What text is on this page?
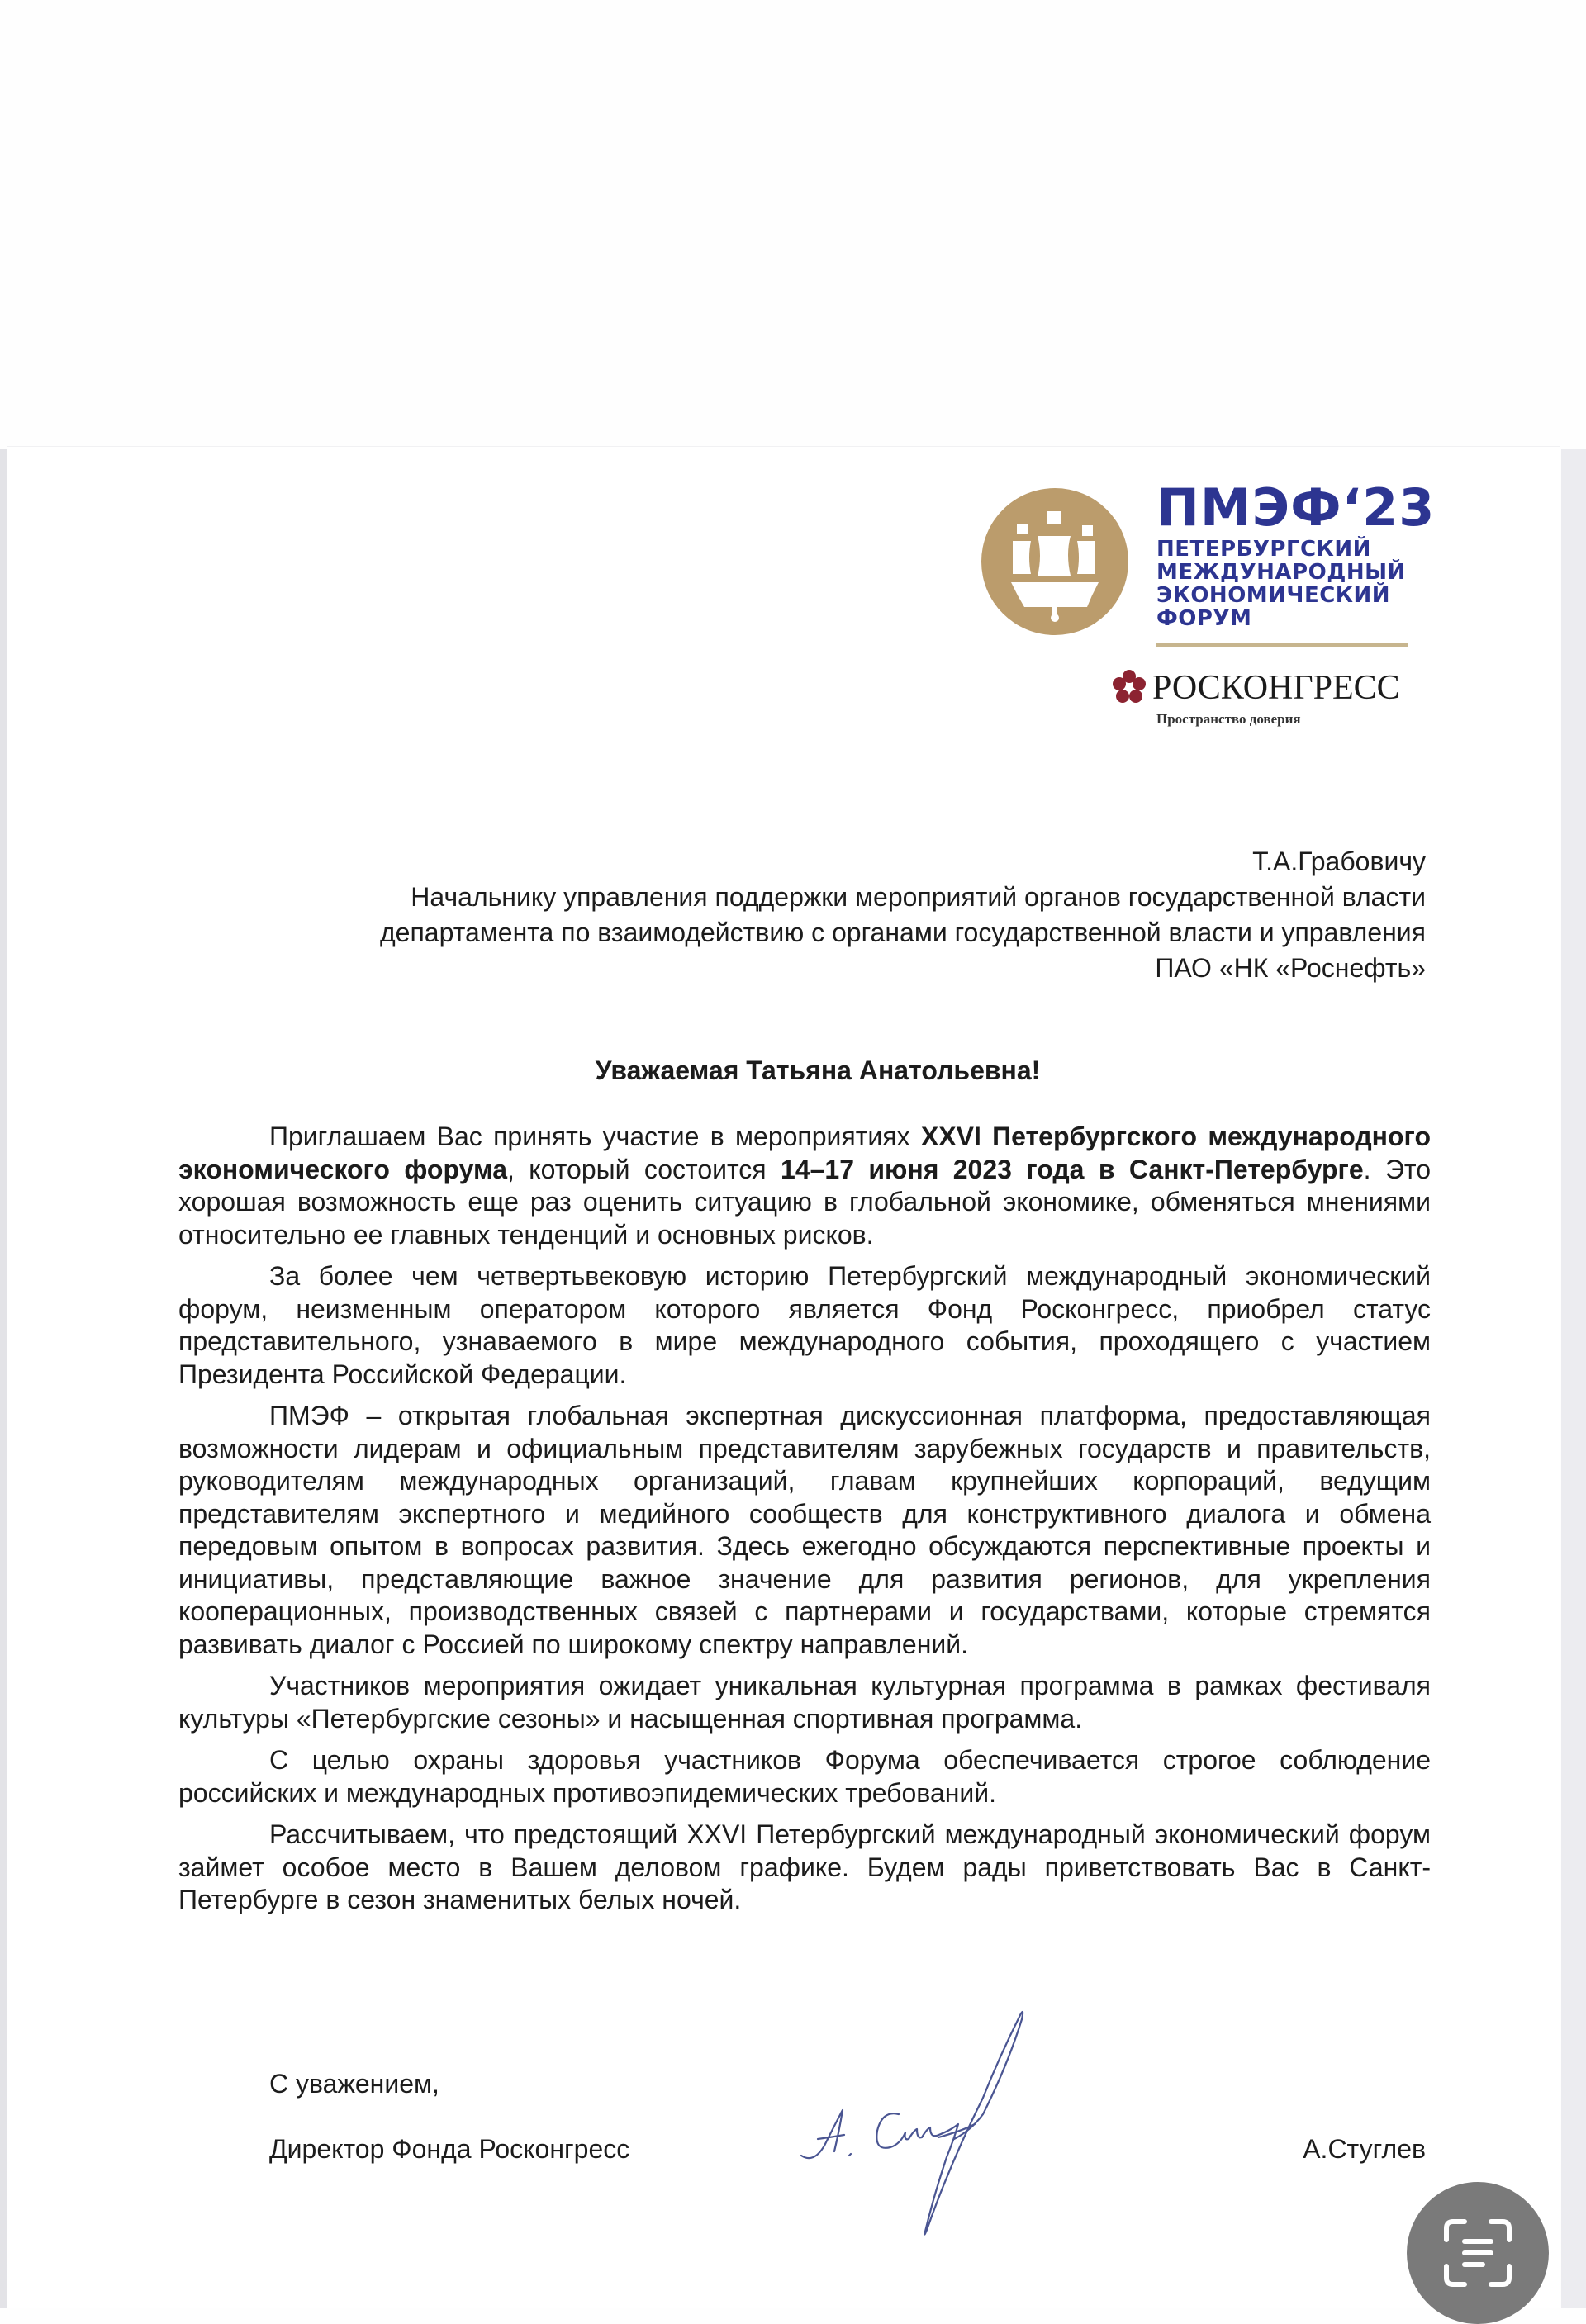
ПМЭФ‘23
ПЕТЕРБУРГСКИЙ
МЕЖДУНАРОДНЫЙ
ЭКОНОМИЧЕСКИЙ
ФОРУМ
РОСКОНГРЕСС
Пространство доверия
Т.А.Грабовичу
Начальнику управления поддержки мероприятий органов государственной власти
департамента по взаимодействию с органами государственной власти и управления
ПАО «НК «Роснефть»
Уважаемая Татьяна Анатольевна!

Приглашаем Вас принять участие в мероприятиях XXVI Петербургского международного экономического форума, который состоится 14–17 июня 2023 года в Санкт-Петербурге. Это хорошая возможность еще раз оценить ситуацию в глобальной экономике, обменяться мнениями относительно ее главных тенденций и основных рисков.

За более чем четвертьвековую историю Петербургский международный экономический форум, неизменным оператором которого является Фонд Росконгресс, приобрел статус представительного, узнаваемого в мире международного события, проходящего с участием Президента Российской Федерации.

ПМЭФ – открытая глобальная экспертная дискуссионная платформа, предоставляющая возможности лидерам и официальным представителям зарубежных государств и правительств, руководителям международных организаций, главам крупнейших корпораций, ведущим представителям экспертного и медийного сообществ для конструктивного диалога и обмена передовым опытом в вопросах развития. Здесь ежегодно обсуждаются перспективные проекты и инициативы, представляющие важное значение для развития регионов, для укрепления кооперационных, производственных связей с партнерами и государствами, которые стремятся развивать диалог с Россией по широкому спектру направлений.

Участников мероприятия ожидает уникальная культурная программа в рамках фестиваля культуры «Петербургские сезоны» и насыщенная спортивная программа.

С целью охраны здоровья участников Форума обеспечивается строгое соблюдение российских и международных противоэпидемических требований.

Рассчитываем, что предстоящий XXVI Петербургский международный экономический форум займет особое место в Вашем деловом графике. Будем рады приветствовать Вас в Санкт-Петербурге в сезон знаменитых белых ночей.

С уважением,
Директор Фонда Росконгресс	А.Стуглев
